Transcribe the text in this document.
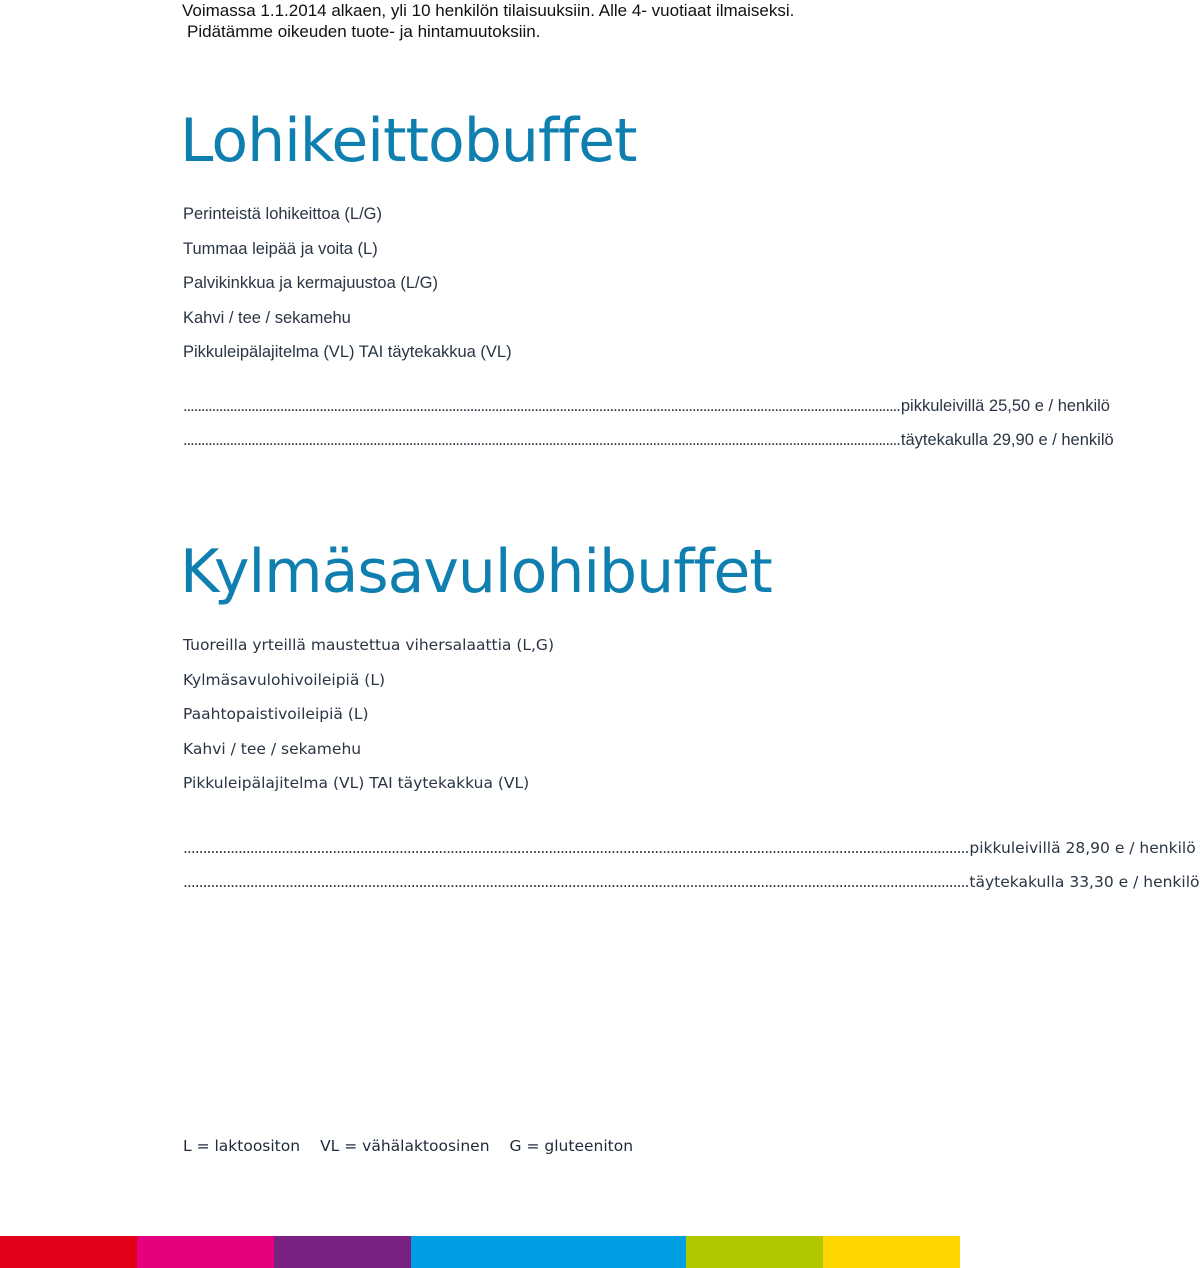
Voimassa 1.1.2014 alkaen, yli 10 henkilön tilaisuuksiin. Alle 4- vuotiaat ilmaiseksi.
Pidätämme oikeuden tuote- ja hintamuutoksiin.
Lohikeittobuffet
Perinteistä lohikeittoa (L/G)
Tummaa leipää ja voita (L)
Palvikinkkua ja kermajuustoa (L/G)
Kahvi / tee / sekamehu
Pikkuleipälajitelma (VL) TAI täytekakkua (VL)
........................................................................................................................................................................................................ pikkuleivillä 25,50 e / henkilö
........................................................................................................................................................................................................ täytekakulla 29,90 e / henkilö
Kylmäsavulohibuffet
Tuoreilla yrteillä maustettua vihersalaattia (L,G)
Kylmäsavulohivoileipiä (L)
Paahtopaistivoileipiä (L)
Kahvi / tee / sekamehu
Pikkuleipälajitelma (VL) TAI täytekakkua (VL)
........................................................................................................................................................................................................ pikkuleivillä 28,90 e / henkilö
........................................................................................................................................................................................................ täytekakulla 33,30 e / henkilö
L = laktoositon VL = vähälaktoosinen G = gluteeniton
